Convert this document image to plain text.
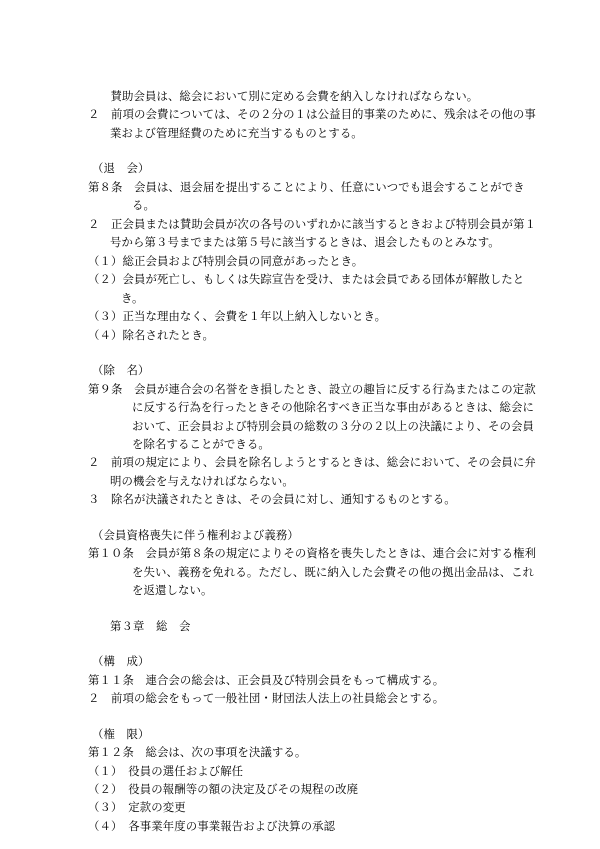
　賛助会員は、総会において別に定める会費を納入しなければならない。

２　前項の会費については、その２分の１は公益目的事業のために、残余はその他の事業および管理経費のために充当するものとする。

（退　会）

第８条　会員は、退会届を提出することにより、任意にいつでも退会することができる。

２　正会員または賛助会員が次の各号のいずれかに該当するときおよび特別会員が第１号から第３号までまたは第５号に該当するときは、退会したものとみなす。

（１）総正会員および特別会員の同意があったとき。

（２）会員が死亡し、もしくは失踪宣告を受け、または会員である団体が解散したとき。

（３）正当な理由なく、会費を１年以上納入しないとき。

（４）除名されたとき。

（除　名）

第９条　会員が連合会の名誉をき損したとき、設立の趣旨に反する行為またはこの定款に反する行為を行ったときその他除名すべき正当な事由があるときは、総会において、正会員および特別会員の総数の３分の２以上の決議により、その会員を除名することができる。

２　前項の規定により、会員を除名しようとするときは、総会において、その会員に弁明の機会を与えなければならない。

３　除名が決議されたときは、その会員に対し、通知するものとする。

（会員資格喪失に伴う権利および義務）

第１０条　会員が第８条の規定によりその資格を喪失したときは、連合会に対する権利を失い、義務を免れる。ただし、既に納入した会費その他の拠出金品は、これを返還しない。

第３章　総　会

（構　成）

第１１条　連合会の総会は、正会員及び特別会員をもって構成する。

２　前項の総会をもって一般社団・財団法人法上の社員総会とする。

（権　限）

第１２条　総会は、次の事項を決議する。

（１）　役員の選任および解任

（２）　役員の報酬等の額の決定及びその規程の改廃

（３）　定款の変更

（４）　各事業年度の事業報告および決算の承認
